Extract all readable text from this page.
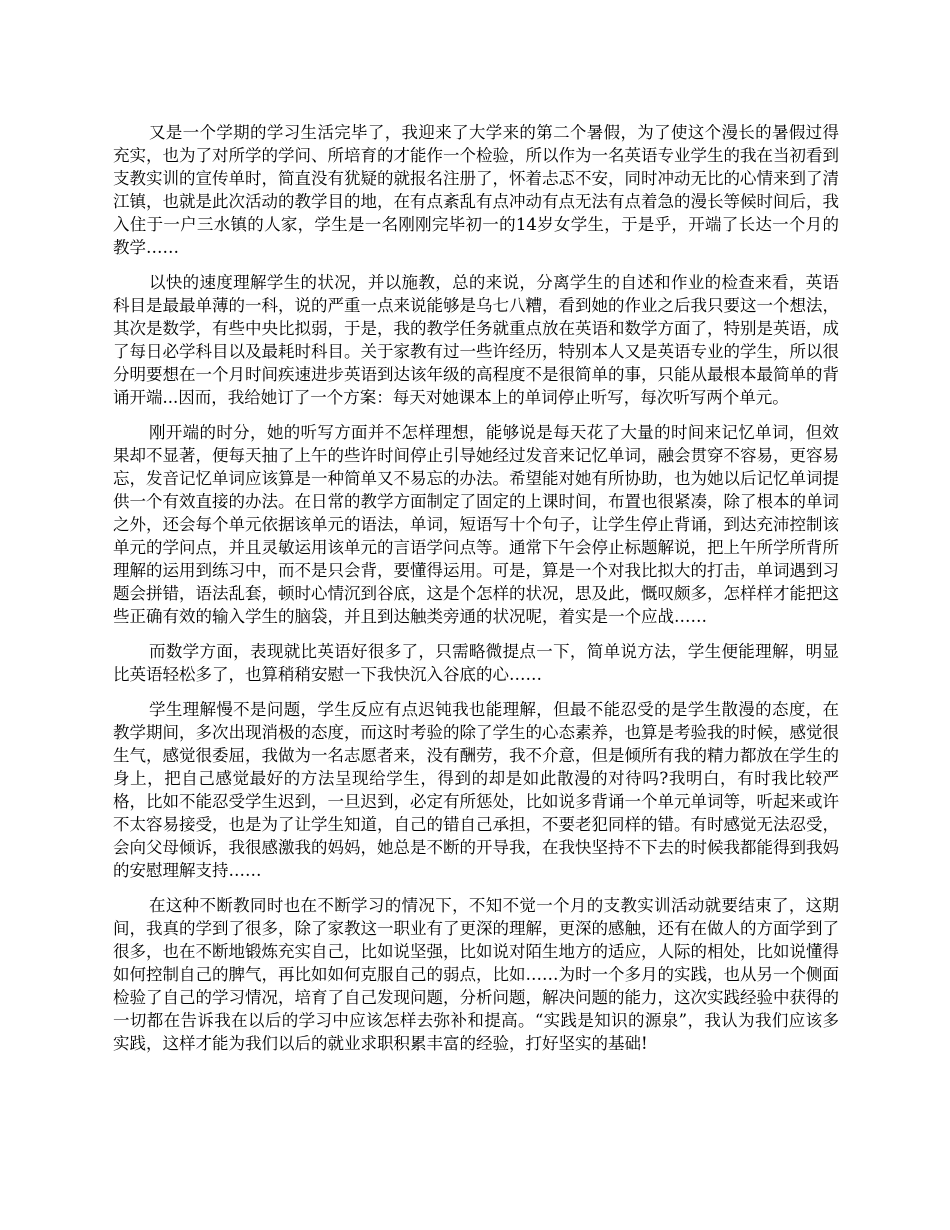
又是一个学期的学习生活完毕了，我迎来了大学来的第二个暑假，为了使这个漫长的暑假过得充实，也为了对所学的学问、所培育的才能作一个检验，所以作为一名英语专业学生的我在当初看到支教实训的宣传单时，简直没有犹疑的就报名注册了，怀着忐忑不安，同时冲动无比的心情来到了清江镇，也就是此次活动的教学目的地，在有点紊乱有点冲动有点无法有点着急的漫长等候时间后，我入住于一户三水镇的人家，学生是一名刚刚完毕初一的14岁女学生，于是乎，开端了长达一个月的教学……

以快的速度理解学生的状况，并以施教，总的来说，分离学生的自述和作业的检查来看，英语科目是最最单薄的一科，说的严重一点来说能够是乌七八糟，看到她的作业之后我只要这一个想法，其次是数学，有些中央比拟弱，于是，我的教学任务就重点放在英语和数学方面了，特别是英语，成了每日必学科目以及最耗时科目。关于家教有过一些许经历，特别本人又是英语专业的学生，所以很分明要想在一个月时间疾速进步英语到达该年级的高程度不是很简单的事，只能从最根本最简单的背诵开端...因而，我给她订了一个方案：每天对她课本上的单词停止听写，每次听写两个单元。

刚开端的时分，她的听写方面并不怎样理想，能够说是每天花了大量的时间来记忆单词，但效果却不显著，便每天抽了上午的些许时间停止引导她经过发音来记忆单词，融会贯穿不容易，更容易忘，发音记忆单词应该算是一种简单又不易忘的办法。希望能对她有所协助，也为她以后记忆单词提供一个有效直接的办法。在日常的教学方面制定了固定的上课时间，布置也很紧凑，除了根本的单词之外，还会每个单元依据该单元的语法，单词，短语写十个句子，让学生停止背诵，到达充沛控制该单元的学问点，并且灵敏运用该单元的言语学问点等。通常下午会停止标题解说，把上午所学所背所理解的运用到练习中，而不是只会背，要懂得运用。可是，算是一个对我比拟大的打击，单词遇到习题会拼错，语法乱套，顿时心情沉到谷底，这是个怎样的状况，思及此，慨叹颇多，怎样样才能把这些正确有效的输入学生的脑袋，并且到达触类旁通的状况呢，着实是一个应战……

而数学方面，表现就比英语好很多了，只需略微提点一下，简单说方法，学生便能理解，明显比英语轻松多了，也算稍稍安慰一下我快沉入谷底的心……

学生理解慢不是问题，学生反应有点迟钝我也能理解，但最不能忍受的是学生散漫的态度，在教学期间，多次出现消极的态度，而这时考验的除了学生的心态素养，也算是考验我的时候，感觉很生气，感觉很委屈，我做为一名志愿者来，没有酬劳，我不介意，但是倾所有我的精力都放在学生的身上，把自己感觉最好的方法呈现给学生，得到的却是如此散漫的对待吗?我明白，有时我比较严格，比如不能忍受学生迟到，一旦迟到，必定有所惩处，比如说多背诵一个单元单词等，听起来或许不太容易接受，也是为了让学生知道，自己的错自己承担，不要老犯同样的错。有时感觉无法忍受，会向父母倾诉，我很感激我的妈妈，她总是不断的开导我，在我快坚持不下去的时候我都能得到我妈的安慰理解支持……

在这种不断教同时也在不断学习的情况下，不知不觉一个月的支教实训活动就要结束了，这期间，我真的学到了很多，除了家教这一职业有了更深的理解，更深的感触，还有在做人的方面学到了很多，也在不断地锻炼充实自己，比如说坚强，比如说对陌生地方的适应，人际的相处，比如说懂得如何控制自己的脾气，再比如如何克服自己的弱点，比如……为时一个多月的实践，也从另一个侧面检验了自己的学习情况，培育了自己发现问题，分析问题，解决问题的能力，这次实践经验中获得的一切都在告诉我在以后的学习中应该怎样去弥补和提高。“实践是知识的源泉”，我认为我们应该多实践，这样才能为我们以后的就业求职积累丰富的经验，打好坚实的基础!
